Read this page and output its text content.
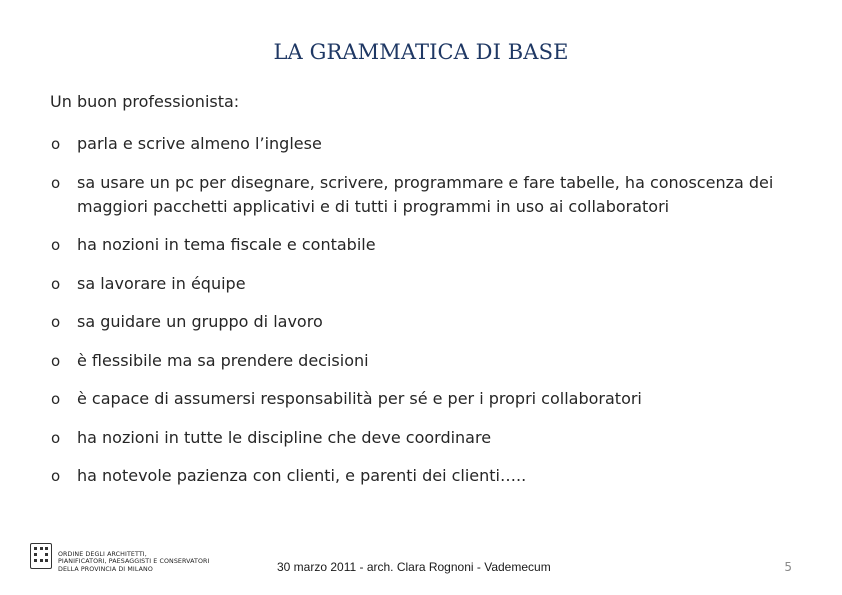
LA GRAMMATICA DI BASE
Un buon professionista:
o parla e scrive almeno l’inglese
o sa usare un pc per disegnare, scrivere, programmare e fare tabelle, ha conoscenza dei maggiori pacchetti applicativi e di tutti i programmi in uso ai collaboratori
o ha nozioni in tema fiscale e contabile
o sa lavorare in équipe
o sa guidare un gruppo di lavoro
o è flessibile ma sa prendere decisioni
o è capace di assumersi responsabilità per sé e per i propri collaboratori
o ha nozioni in tutte le discipline che deve coordinare
o ha notevole pazienza con clienti, e parenti dei clienti…..
ORDINE DEGLI ARCHITETTI,
PIANIFICATORI, PAESAGGISTI E CONSERVATORI
DELLA PROVINCIA DI MILANO	30 marzo 2011 - arch. Clara Rognoni - Vademecum	5
